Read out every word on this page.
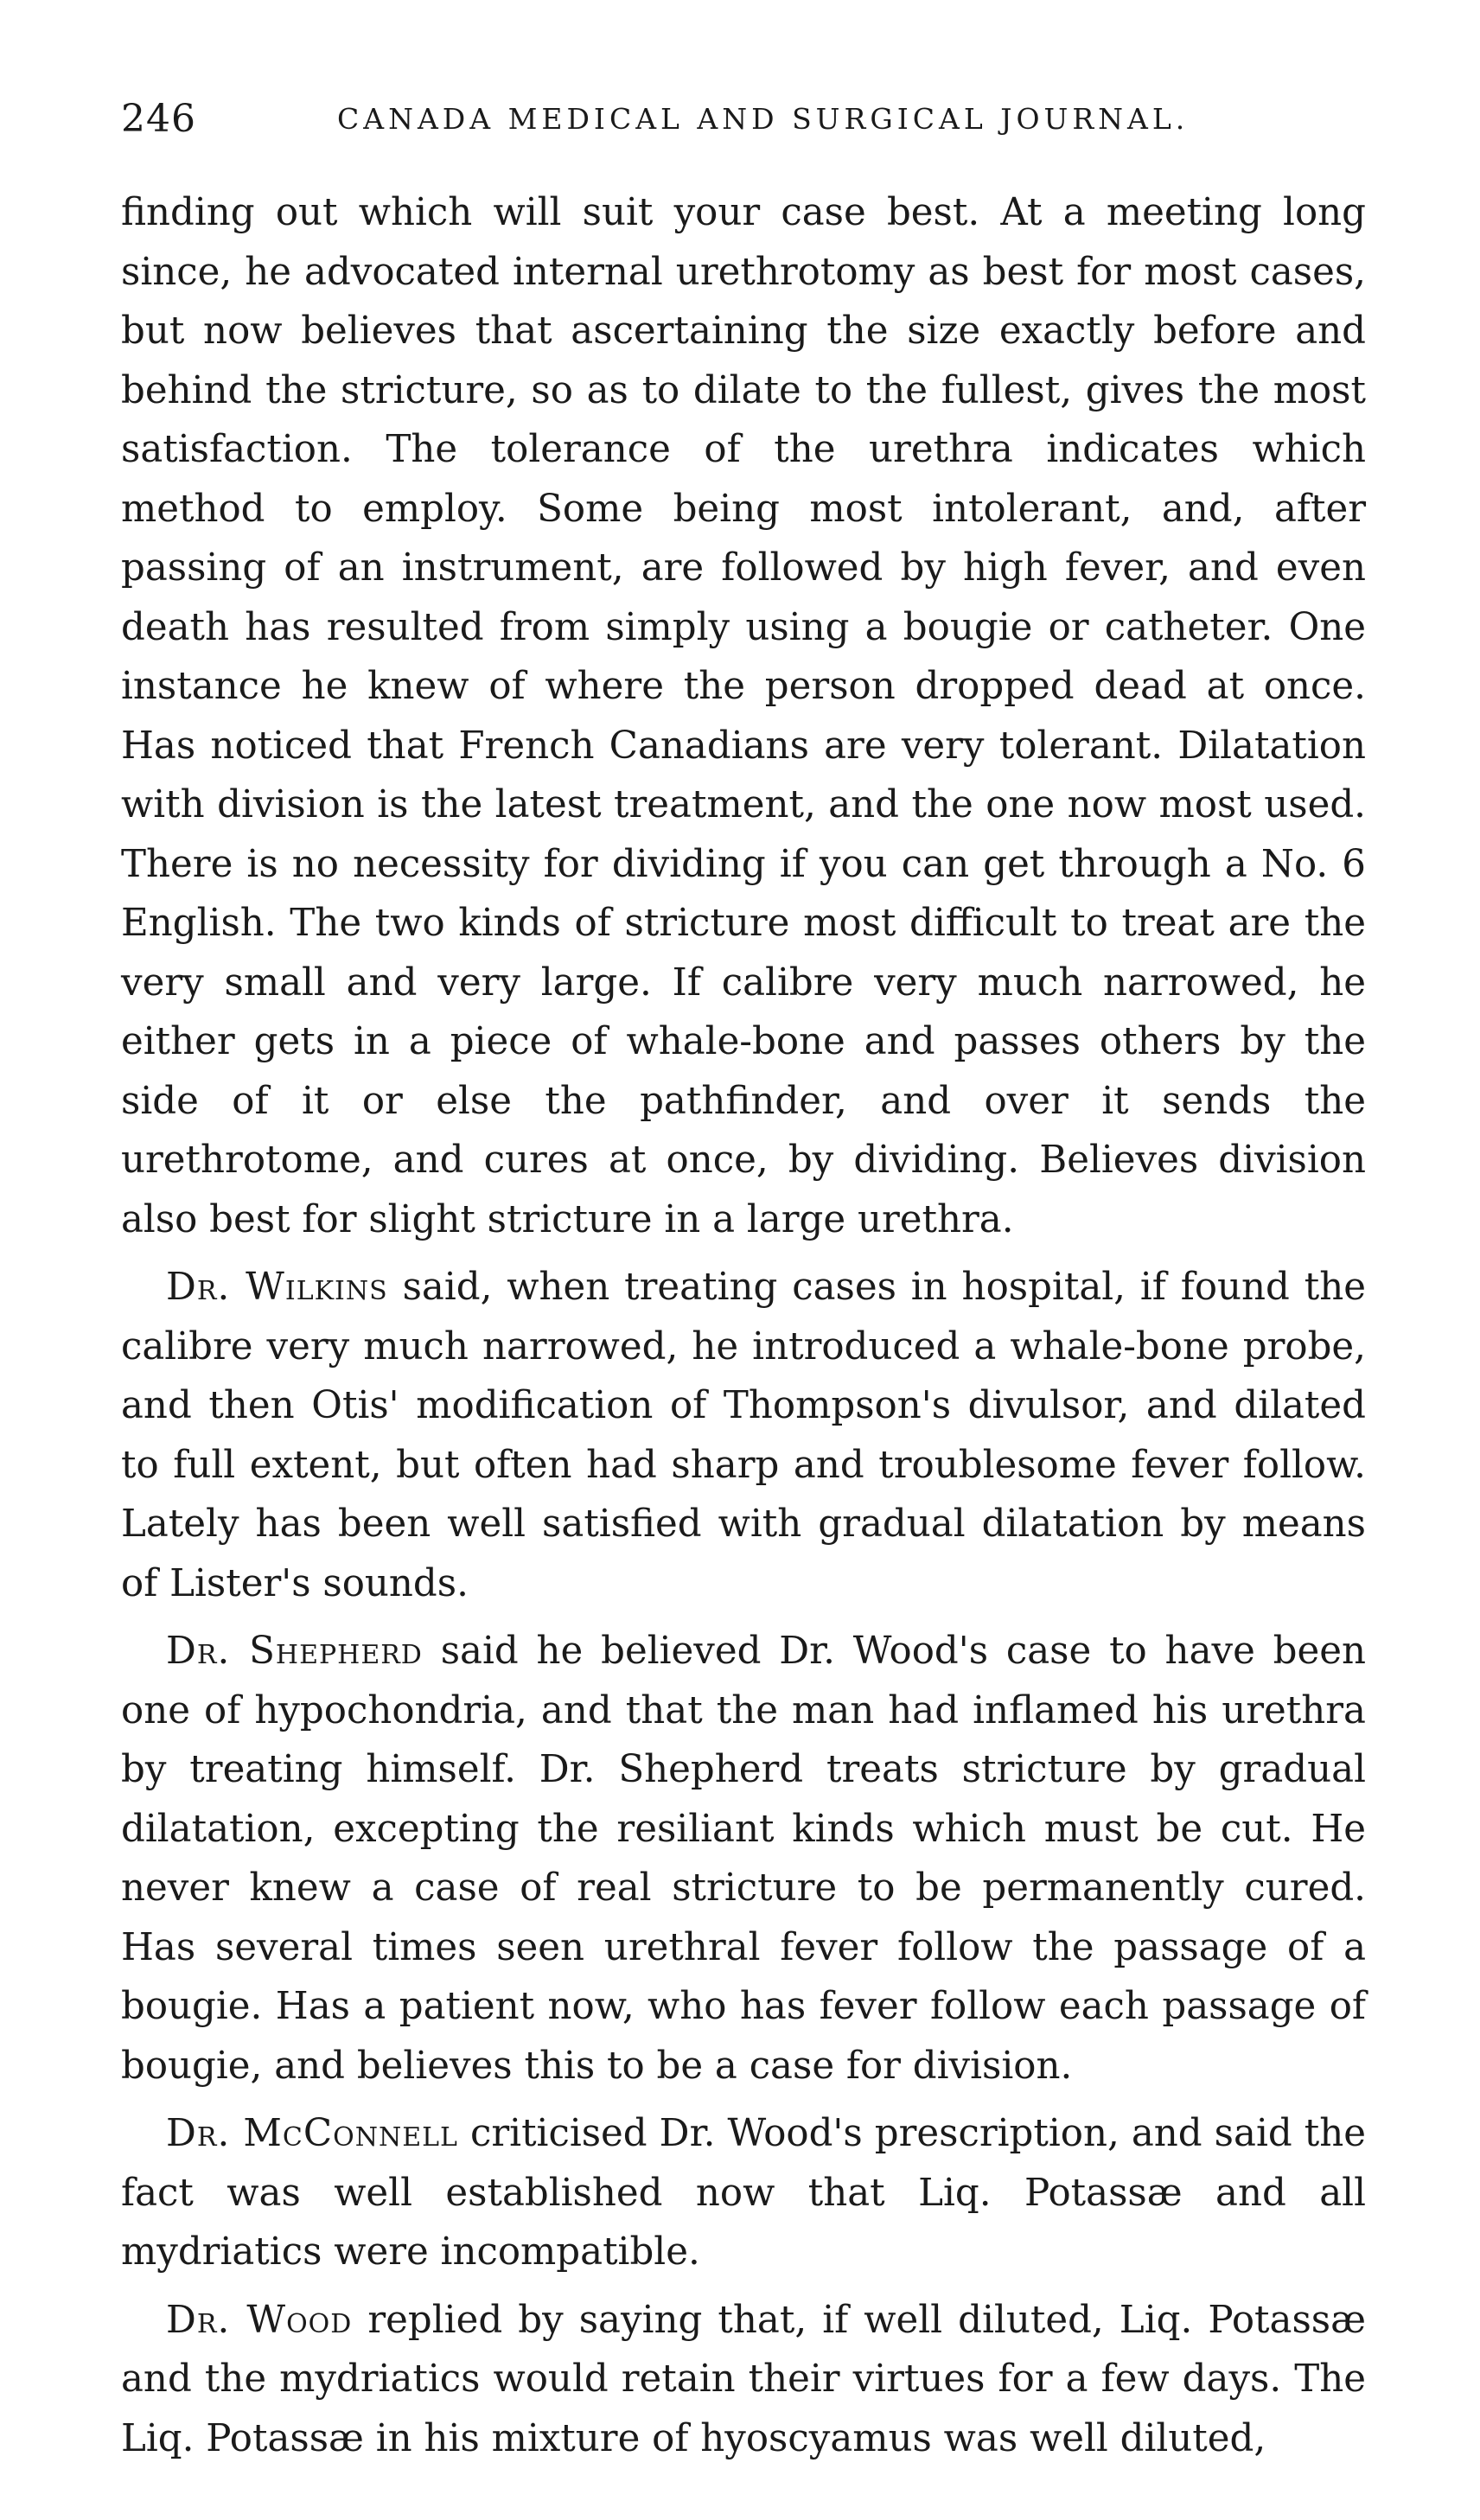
246	CANADA MEDICAL AND SURGICAL JOURNAL.

finding out which will suit your case best. At a meeting long since, he advocated internal urethrotomy as best for most cases, but now believes that ascertaining the size exactly before and behind the stricture, so as to dilate to the fullest, gives the most satisfaction. The tolerance of the urethra indicates which method to employ. Some being most intolerant, and, after passing of an instrument, are followed by high fever, and even death has resulted from simply using a bougie or catheter. One instance he knew of where the person dropped dead at once. Has noticed that French Canadians are very tolerant. Dilatation with division is the latest treatment, and the one now most used. There is no necessity for dividing if you can get through a No. 6 English. The two kinds of stricture most difficult to treat are the very small and very large. If calibre very much narrowed, he either gets in a piece of whale-bone and passes others by the side of it or else the pathfinder, and over it sends the urethrotome, and cures at once, by dividing. Believes division also best for slight stricture in a large urethra.

Dr. Wilkins said, when treating cases in hospital, if found the calibre very much narrowed, he introduced a whale-bone probe, and then Otis' modification of Thompson's divulsor, and dilated to full extent, but often had sharp and troublesome fever follow. Lately has been well satisfied with gradual dilatation by means of Lister's sounds.

Dr. Shepherd said he believed Dr. Wood's case to have been one of hypochondria, and that the man had inflamed his urethra by treating himself. Dr. Shepherd treats stricture by gradual dilatation, excepting the resiliant kinds which must be cut. He never knew a case of real stricture to be permanently cured. Has several times seen urethral fever follow the passage of a bougie. Has a patient now, who has fever follow each passage of bougie, and believes this to be a case for division.

Dr. McConnell criticised Dr. Wood's prescription, and said the fact was well established now that Liq. Potassæ and all mydriatics were incompatible.

Dr. Wood replied by saying that, if well diluted, Liq. Potassæ and the mydriatics would retain their virtues for a few days. The Liq. Potassæ in his mixture of hyoscyamus was well diluted,
